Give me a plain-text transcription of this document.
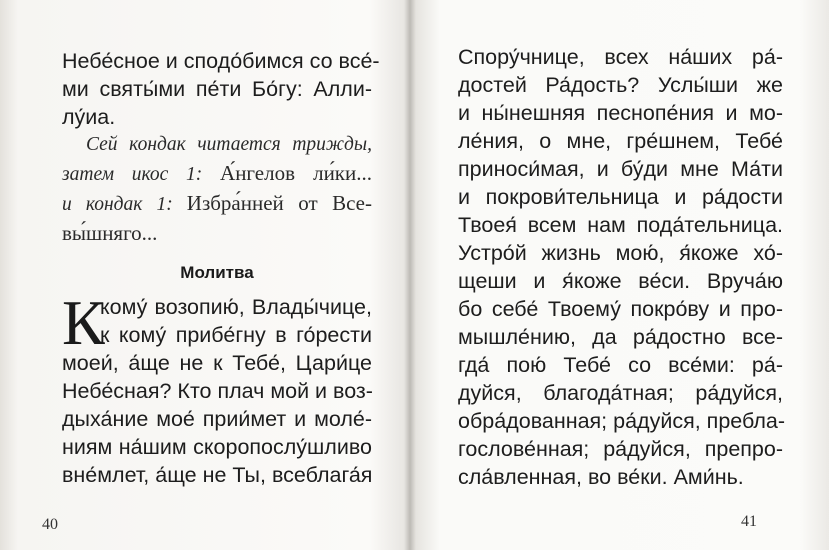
Небе́сное и сподо́бимся со все́-
ми святы́ми пе́ти Бо́гу: Алли-
лу́иа.
Сей кондак читается трижды,
затем икос 1: А́нгелов ли́ки...
и кондак 1: Избра́нней от Все-
вы́шняго...
Молитва
К
кому́ возопию́, Влады́чице,
к кому́ прибе́гну в го́рести
моеи́, а́ще не к Тебе́, Цари́це
Небе́сная? Кто плач мой и воз-
дыха́ние мое́ прии́мет и моле́-
ниям на́шим скоропослу́шливо
вне́млет, а́ще не Ты, всеблага́я
40
Спору́чнице, всех на́ших ра́-
достей Ра́дость? Услы́ши же
и ны́нешняя песнопе́ния и мо-
ле́ния, о мне, гре́шнем, Тебе́
приноси́мая, и бу́ди мне Ма́ти
и покрови́тельница и ра́дости
Твоея́ всем нам пода́тельница.
Устро́й жизнь мою́, я́коже хо́-
щеши и я́коже ве́си. Вруча́ю
бо себе́ Твоему́ покро́ву и про-
мышле́нию, да ра́достно все-
гда́ пою́ Тебе́ со все́ми: ра́-
дуйся, благода́тная; ра́дуйся,
обра́дованная; ра́дуйся, пребла-
гослове́нная; ра́дуйся, препро-
сла́вленная, во ве́ки. Ами́нь.
41
